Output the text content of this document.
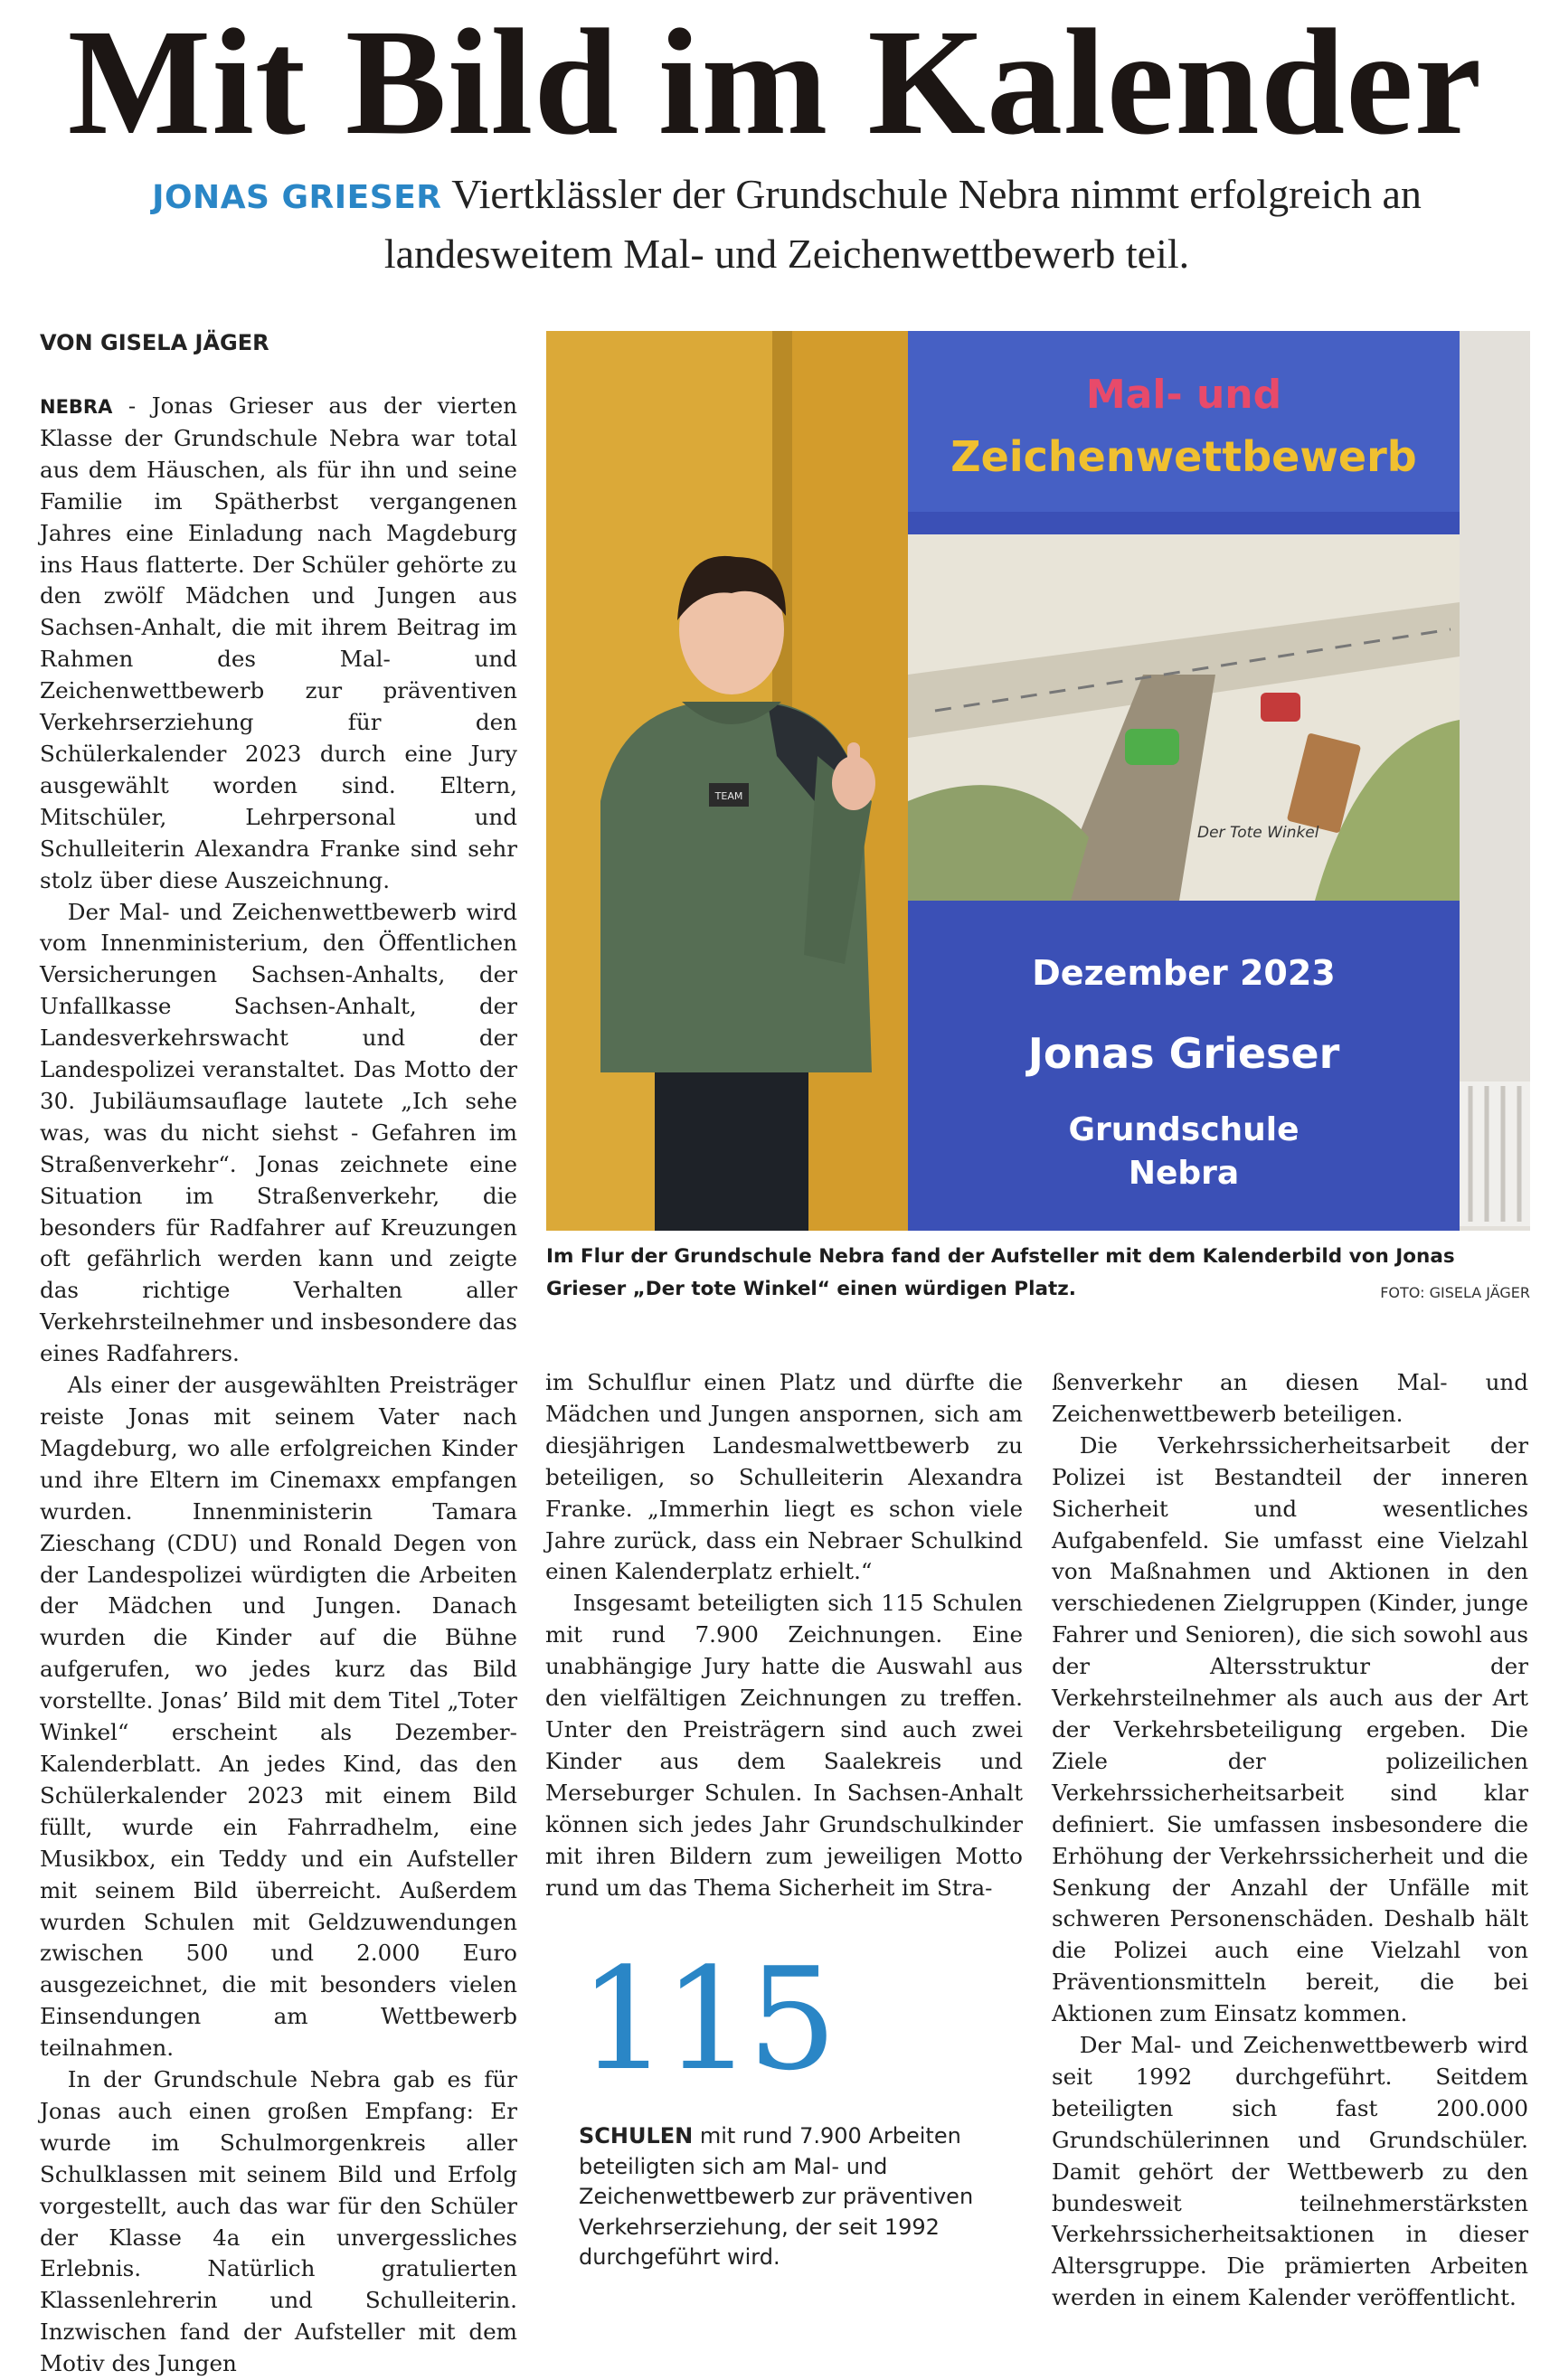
Mit Bild im Kalender
JONAS GRIESER Viertklässler der Grundschule Nebra nimmt erfolgreich an landesweitem Mal- und Zeichenwettbewerb teil.
VON GISELA JÄGER

NEBRA - Jonas Grieser aus der vierten Klasse der Grundschule Nebra war total aus dem Häuschen, als für ihn und seine Familie im Spätherbst vergangenen Jahres eine Einladung nach Magdeburg ins Haus flatterte. Der Schüler gehörte zu den zwölf Mädchen und Jungen aus Sachsen-Anhalt, die mit ihrem Beitrag im Rahmen des Mal- und Zeichenwettbewerb zur präventiven Verkehrserziehung für den Schülerkalender 2023 durch eine Jury ausgewählt worden sind. Eltern, Mitschüler, Lehrpersonal und Schulleiterin Alexandra Franke sind sehr stolz über diese Auszeichnung.

Der Mal- und Zeichenwettbewerb wird vom Innenministerium, den Öffentlichen Versicherungen Sachsen-Anhalts, der Unfallkasse Sachsen-Anhalt, der Landesverkehrswacht und der Landespolizei veranstaltet. Das Motto der 30. Jubiläumsauflage lautete „Ich sehe was, was du nicht siehst - Gefahren im Straßenverkehr“. Jonas zeichnete eine Situation im Straßenverkehr, die besonders für Radfahrer auf Kreuzungen oft gefährlich werden kann und zeigte das richtige Verhalten aller Verkehrsteilnehmer und insbesondere das eines Radfahrers.

Als einer der ausgewählten Preisträger reiste Jonas mit seinem Vater nach Magdeburg, wo alle erfolgreichen Kinder und ihre Eltern im Cinemaxx empfangen wurden. Innenministerin Tamara Zieschang (CDU) und Ronald Degen von der Landespolizei würdigten die Arbeiten der Mädchen und Jungen. Danach wurden die Kinder auf die Bühne aufgerufen, wo jedes kurz das Bild vorstellte. Jonas’ Bild mit dem Titel „Toter Winkel“ erscheint als Dezember-Kalenderblatt. An jedes Kind, das den Schülerkalender 2023 mit einem Bild füllt, wurde ein Fahrradhelm, eine Musikbox, ein Teddy und ein Aufsteller mit seinem Bild überreicht. Außerdem wurden Schulen mit Geldzuwendungen zwischen 500 und 2.000 Euro ausgezeichnet, die mit besonders vielen Einsendungen am Wettbewerb teilnahmen.

In der Grundschule Nebra gab es für Jonas auch einen großen Empfang: Er wurde im Schulmorgenkreis aller Schulklassen mit seinem Bild und Erfolg vorgestellt, auch das war für den Schüler der Klasse 4a ein unvergessliches Erlebnis. Natürlich gratulierten Klassenlehrerin und Schulleiterin. Inzwischen fand der Aufsteller mit dem Motiv des Jungen

Der Tote Winkel
Mal- und
Zeichenwettbewerb
Dezember 2023
Jonas Grieser
Grundschule
Nebra
TEAM
Im Flur der Grundschule Nebra fand der Aufsteller mit dem Kalenderbild von Jonas Grieser „Der tote Winkel“ einen würdigen Platz.	FOTO: GISELA JÄGER

im Schulflur einen Platz und dürfte die Mädchen und Jungen anspornen, sich am diesjährigen Landesmalwettbewerb zu beteiligen, so Schulleiterin Alexandra Franke. „Immerhin liegt es schon viele Jahre zurück, dass ein Nebraer Schulkind einen Kalenderplatz erhielt.“

Insgesamt beteiligten sich 115 Schulen mit rund 7.900 Zeichnungen. Eine unabhängige Jury hatte die Auswahl aus den vielfältigen Zeichnungen zu treffen. Unter den Preisträgern sind auch zwei Kinder aus dem Saalekreis und Merseburger Schulen. In Sachsen-Anhalt können sich jedes Jahr Grundschulkinder mit ihren Bildern zum jeweiligen Motto rund um das Thema Sicherheit im Stra-

115
SCHULEN mit rund 7.900 Arbeiten beteiligten sich am Mal- und Zeichenwettbewerb zur präventiven Verkehrserziehung, der seit 1992 durchgeführt wird.

ßenverkehr an diesen Mal- und Zeichenwettbewerb beteiligen.

Die Verkehrssicherheitsarbeit der Polizei ist Bestandteil der inneren Sicherheit und wesentliches Aufgabenfeld. Sie umfasst eine Vielzahl von Maßnahmen und Aktionen in den verschiedenen Zielgruppen (Kinder, junge Fahrer und Senioren), die sich sowohl aus der Altersstruktur der Verkehrsteilnehmer als auch aus der Art der Verkehrsbeteiligung ergeben. Die Ziele der polizeilichen Verkehrssicherheitsarbeit sind klar definiert. Sie umfassen insbesondere die Erhöhung der Verkehrssicherheit und die Senkung der Anzahl der Unfälle mit schweren Personenschäden. Deshalb hält die Polizei auch eine Vielzahl von Präventionsmitteln bereit, die bei Aktionen zum Einsatz kommen.

Der Mal- und Zeichenwettbewerb wird seit 1992 durchgeführt. Seitdem beteiligten sich fast 200.000 Grundschülerinnen und Grundschüler. Damit gehört der Wettbewerb zu den bundesweit teilnehmerstärksten Verkehrssicherheitsaktionen in dieser Altersgruppe. Die prämierten Arbeiten werden in einem Kalender veröffentlicht.
